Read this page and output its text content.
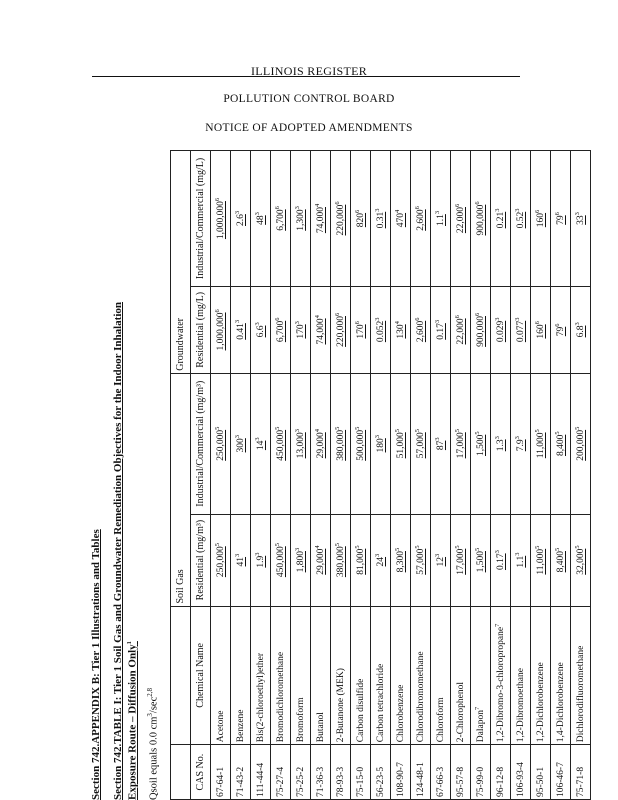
ILLINOIS REGISTER
POLLUTION CONTROL BOARD
NOTICE OF ADOPTED AMENDMENTS
Section 742.APPENDIX B: Tier 1 Illustrations and Tables Section 742.TABLE I: Tier 1 Soil Gas and Groundwater Remediation Objectives for the Indoor Inhalation Exposure Route – Diffusion Only$^1$
Qsoil equals 0.0 $cm^3/\sec^{2,8}$
		Soil Gas		Groundwater	
CAS No.	Chemical Name	Residential (mg/m³)	Industrial/Commercial (mg/m³)	Residential (mg/L)	Industrial/Commercial (mg/L)
67-64-1	Acetone	250,000$^5$	250,000$^5$	1,000,000$^6$	1,000,000$^6$
71-43-2	Benzene	$41^3$	$300^3$	0.41$^3$	$2.6^3$
111-44-4	Bis(2-chloroethyl)ether	$1.9^3$	$14^3$	$6.6^3$	$48^3$
75-27-4	Bromodichloromethane	450,000$^5$	450,000$^5$	6,700$^6$	6,700$^6$
75-25-2	Bromoform	1,800$^3$	13,000$^3$	$170^3$	1,300$^3$
71-36-3	Butanol	29,000$^4$	29,000$^4$	74,000$^4$	74,000$^4$
78-93-3	2-Butanone (MEK)	380,000$^5$	380,000$^5$	220,000$^6$	220,000$^6$
75-15-0	Carbon disulfide	81,000$^5$	500,000$^5$	$170^6$	$820^6$
56-23-5	Carbon tetrachloride	$24^3$	$180^3$	0.052$^3$	0.31$^3$
108-90-7	Chlorobenzene	8,300$^5$	51,000$^5$	$130^4$	$470^4$
124-48-1	Chlorodibromomethane	57,000$^5$	57,000$^5$	2,600$^6$	2,600$^6$
67-66-3	Chloroform	$12^3$	$87^3$	0.17$^3$	$1.1^3$
95-57-8	2-Chlorophenol	17,000$^5$	17,000$^5$	22,000$^6$	22,000$^6$
75-99-0	Dalapon$^7$	1,500$^5$	1,500$^5$	900,000$^6$	900,000$^6$
96-12-8	1,2-Dibromo-3-chloropropane$^7$	0.17$^3$	$1.3^3$	0.029$^3$	0.21$^3$
106-93-4	1,2-Dibromoethane	$1.1^3$	$7.9^3$	0.077$^3$	0.52$^3$
95-50-1	1,2-Dichlorobenzene	11,000$^5$	11,000$^5$	$160^6$	$160^6$
106-46-7	1,4-Dichlorobenzene	8,400$^5$	8,400$^5$	$79^6$	$79^6$
75-71-8	Dichlorodifluoromethane	32,000$^5$	200,000$^5$	$6.8^3$	$33^3$
